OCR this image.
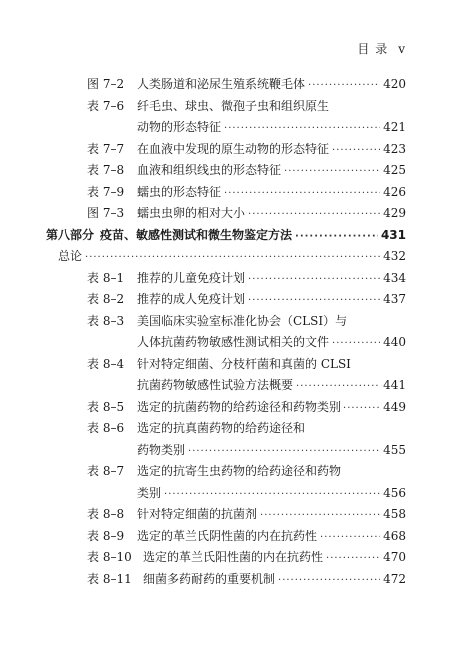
目 录 v
图 7–2	人类肠道和泌尿生殖系统鞭毛体 ·····	420
表 7–6	纤毛虫、球虫、微孢子虫和组织原生
动物的形态特征 ·····	421
表 7–7	在血液中发现的原生动物的形态特征 ·····	423
表 7–8	血液和组织线虫的形态特征 ·····	425
表 7–9	蠕虫的形态特征 ·····	426
图 7–3	蠕虫虫卵的相对大小 ·····	429
第八部分 疫苗、敏感性测试和微生物鉴定方法 ·····	431
总论 ·····	432
表 8–1	推荐的儿童免疫计划 ·····	434
表 8–2	推荐的成人免疫计划 ·····	437
表 8–3	美国临床实验室标准化协会（CLSI）与
人体抗菌药物敏感性测试相关的文件 ·····	440
表 8–4	针对特定细菌、分枝杆菌和真菌的 CLSI
抗菌药物敏感性试验方法概要 ·····	441
表 8–5	选定的抗菌药物的给药途径和药物类别 ·····	449
表 8–6	选定的抗真菌药物的给药途径和
药物类别 ·····	455
表 8–7	选定的抗寄生虫药物的给药途径和药物
类别 ·····	456
表 8–8	针对特定细菌的抗菌剂 ·····	458
表 8–9	选定的革兰氏阴性菌的内在抗药性 ·····	468
表 8–10 选定的革兰氏阳性菌的内在抗药性 ·····	470
表 8–11 细菌多药耐药的重要机制 ·····	472
